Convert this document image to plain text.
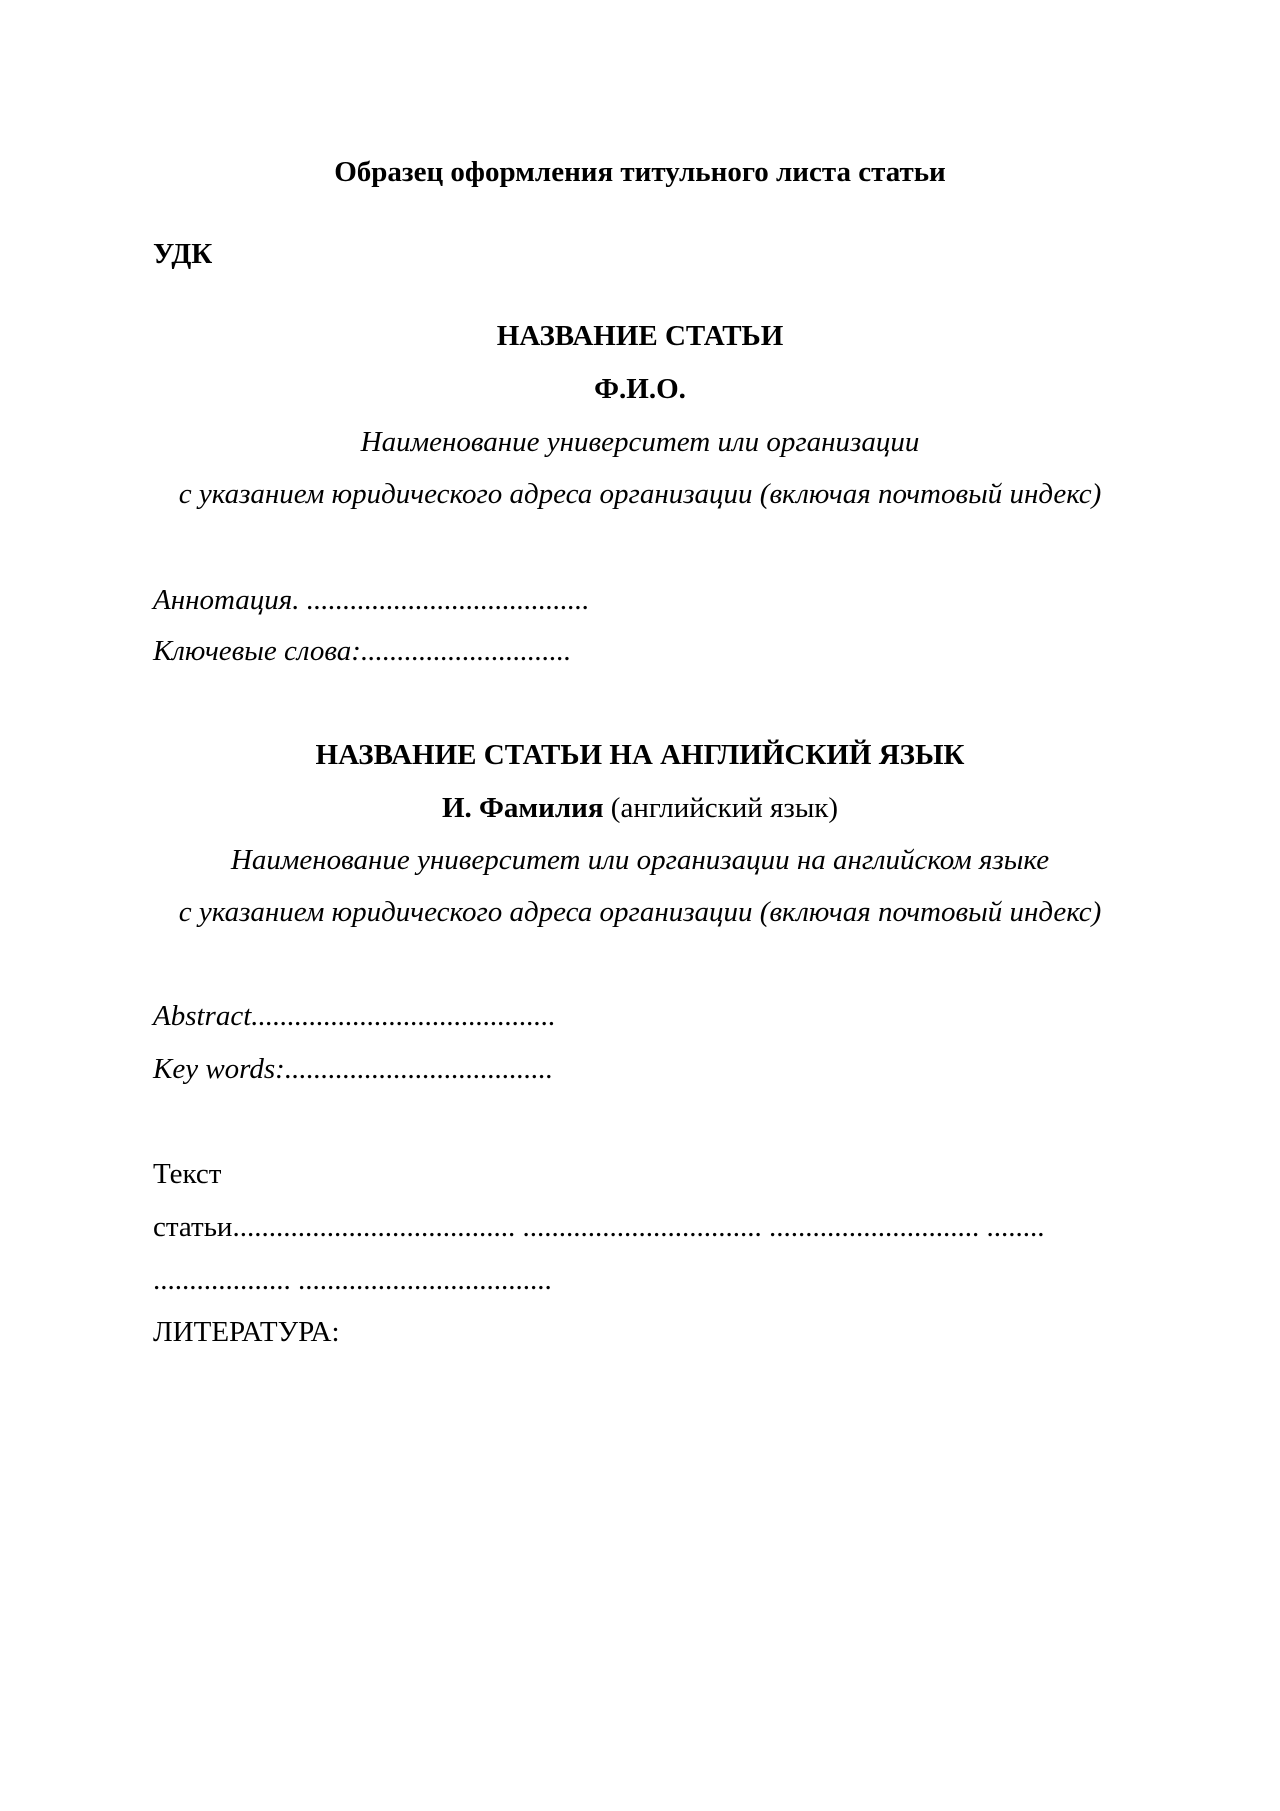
Образец оформления титульного листа статьи
УДК
НАЗВАНИЕ СТАТЬИ
Ф.И.О.
Наименование университет или организации
с указанием юридического адреса организации (включая почтовый индекс)
Аннотация. .......................................
Ключевые слова:.............................
НАЗВАНИЕ СТАТЬИ НА АНГЛИЙСКИЙ ЯЗЫК
И. Фамилия (английский язык)
Наименование университет или организации на английском языке
с указанием юридического адреса организации (включая почтовый индекс)
Abstract..........................................
Key words:.....................................
Текст
статьи....................................... ................................. ............................. ........
................... ...................................
ЛИТЕРАТУРА:
